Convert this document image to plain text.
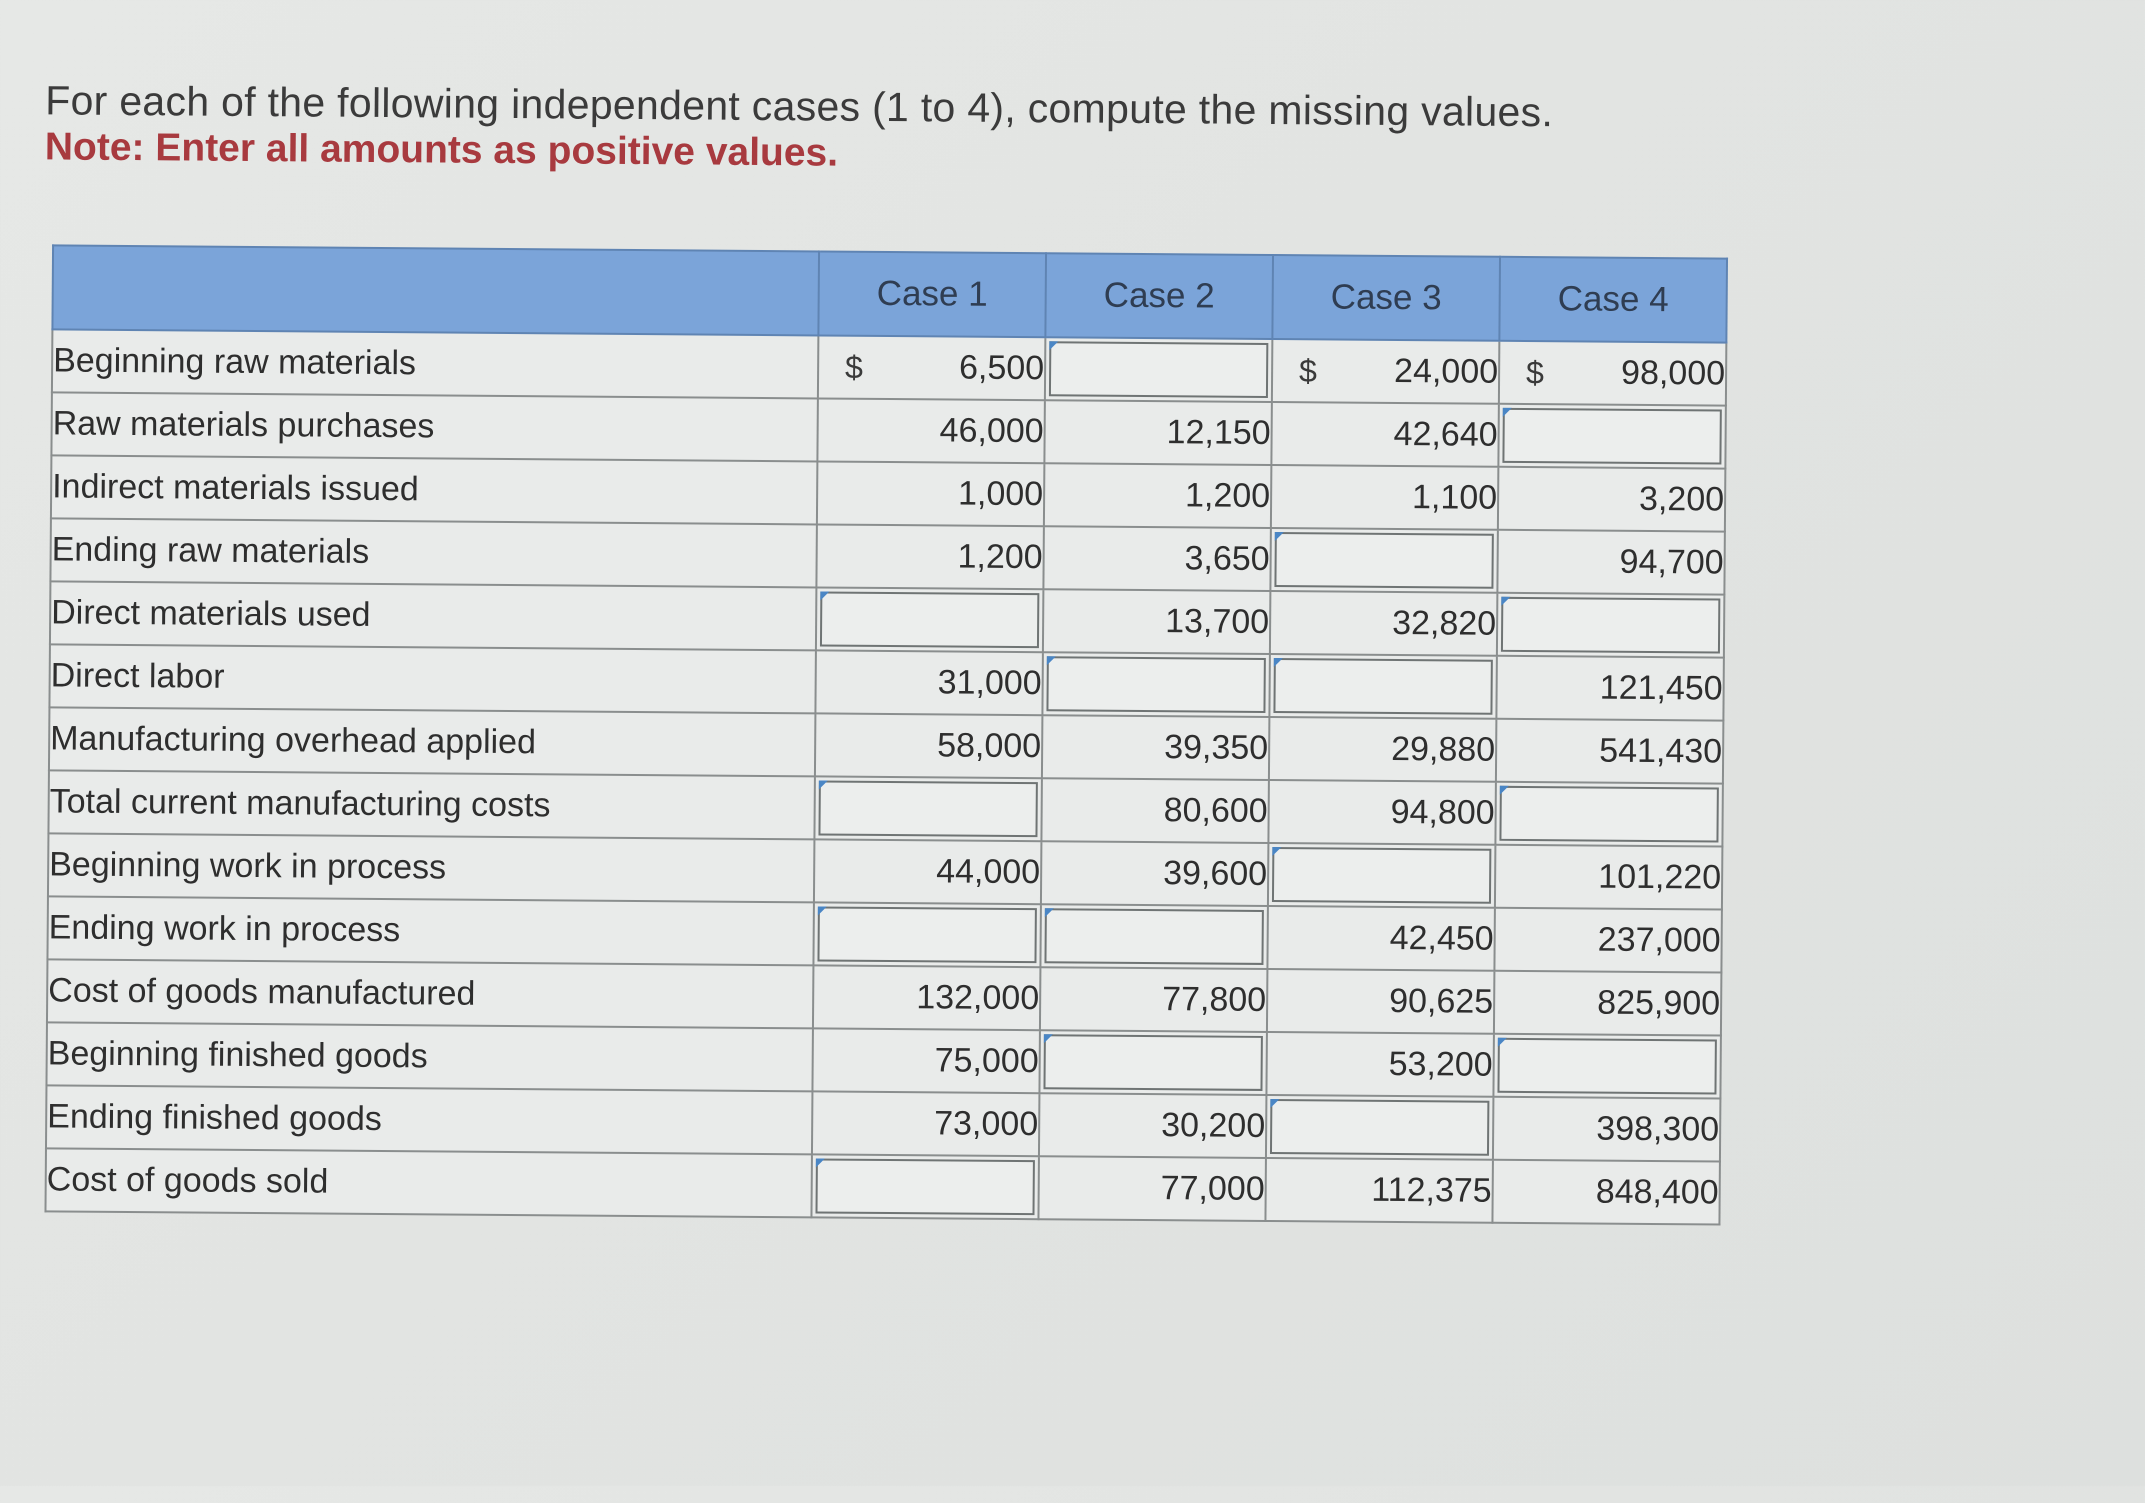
For each of the following independent cases (1 to 4), compute the missing values.

Note: Enter all amounts as positive values.

	Case 1	Case 2	Case 3	Case 4
Beginning raw materials	$ 6,500		$ 24,000	$ 98,000
Raw materials purchases	46,000	12,150	42,640	

Indirect materials issued	1,000	1,200	1,100	3,200
Ending raw materials	1,200	3,650		94,700
Direct materials used		13,700	32,820	

Direct labor	31,000			121,450
Manufacturing overhead applied	58,000	39,350	29,880	541,430
Total current manufacturing costs		80,600	94,800	

Beginning work in process	44,000	39,600		101,220
Ending work in process			42,450	237,000
Cost of goods manufactured	132,000	77,800	90,625	825,900
Beginning finished goods	75,000		53,200	

Ending finished goods	73,000	30,200		398,300
Cost of goods sold		77,000	112,375	848,400
